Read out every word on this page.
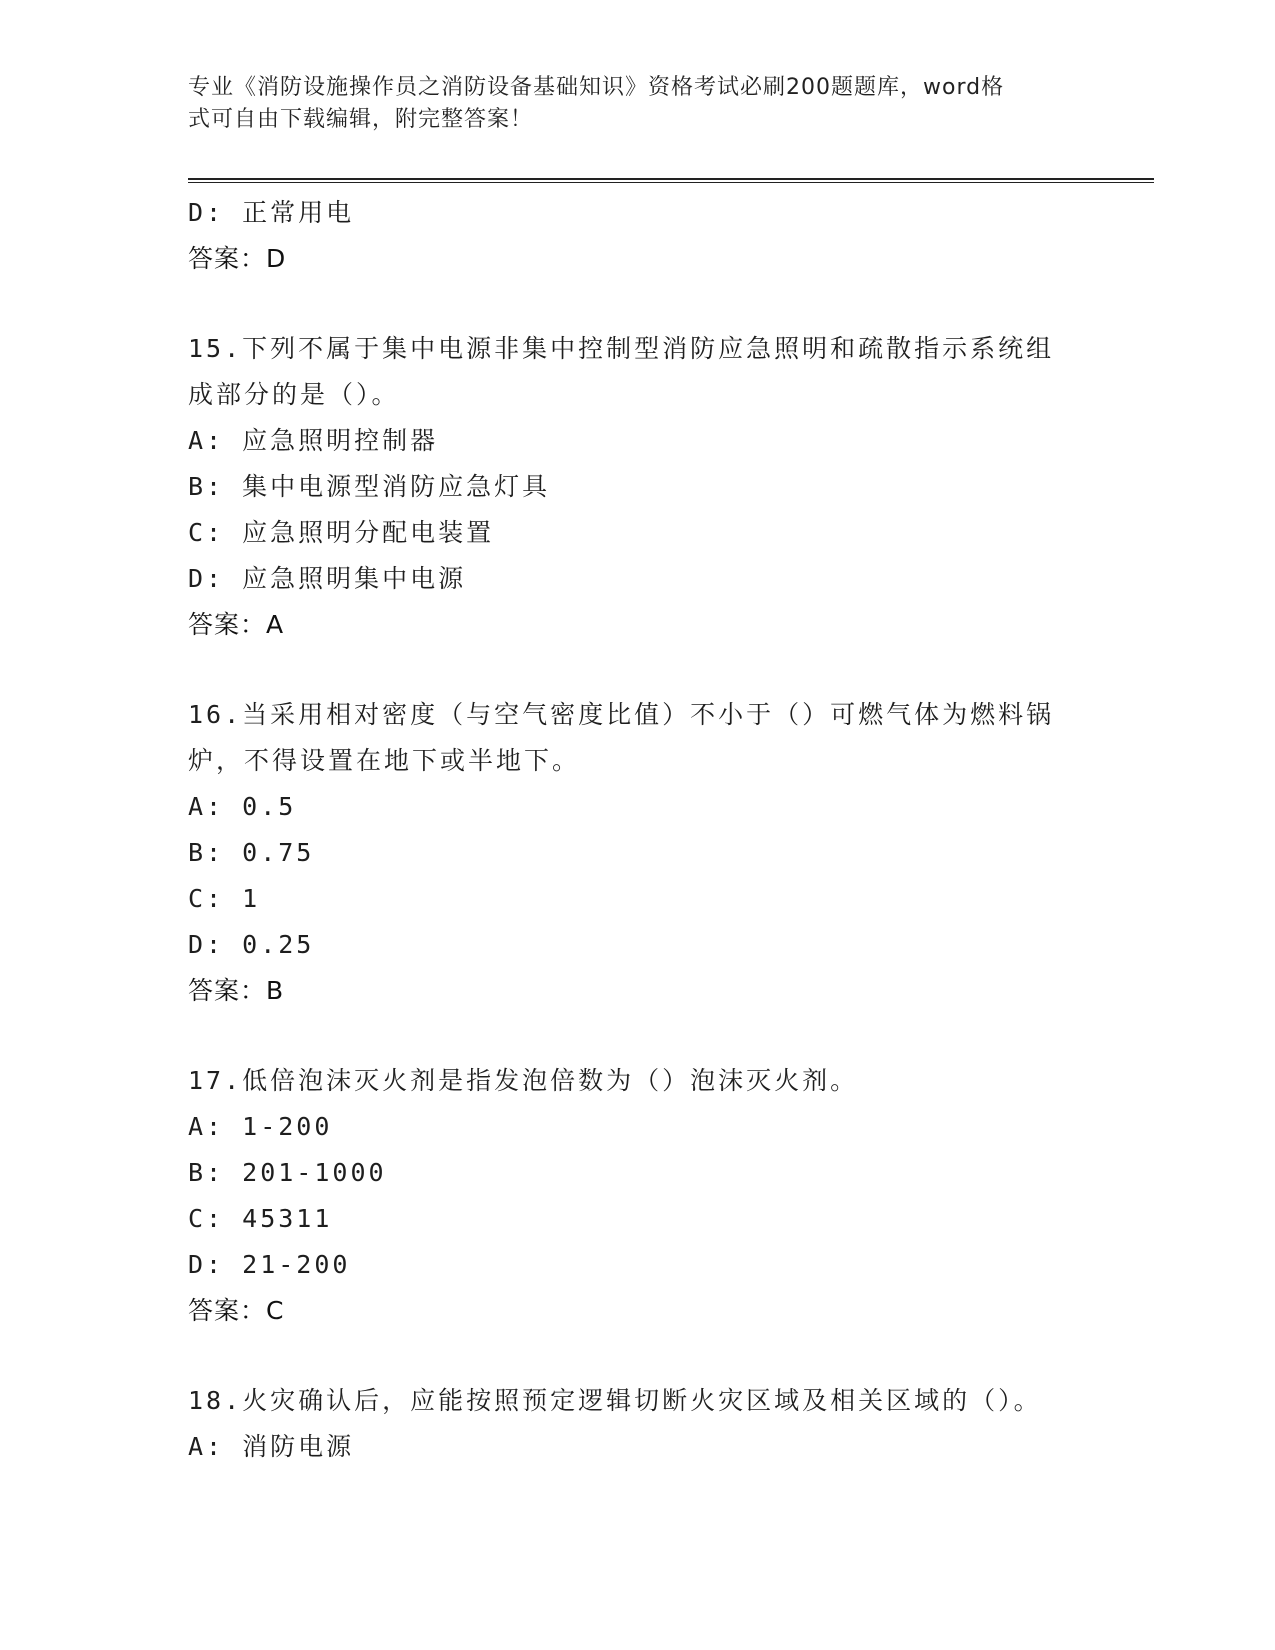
专业《消防设施操作员之消防设备基础知识》资格考试必刷200题题库，word格
式可自由下载编辑，附完整答案！
D: 正常用电
答案：D
15.下列不属于集中电源非集中控制型消防应急照明和疏散指示系统组
成部分的是（）。
A: 应急照明控制器
B: 集中电源型消防应急灯具
C: 应急照明分配电装置
D: 应急照明集中电源
答案：A
16.当采用相对密度（与空气密度比值）不小于（）可燃气体为燃料锅
炉，不得设置在地下或半地下。
A: 0.5
B: 0.75
C: 1
D: 0.25
答案：B
17.低倍泡沫灭火剂是指发泡倍数为（）泡沫灭火剂。
A: 1-200
B: 201-1000
C: 45311
D: 21-200
答案：C
18.火灾确认后，应能按照预定逻辑切断火灾区域及相关区域的（）。
A: 消防电源
